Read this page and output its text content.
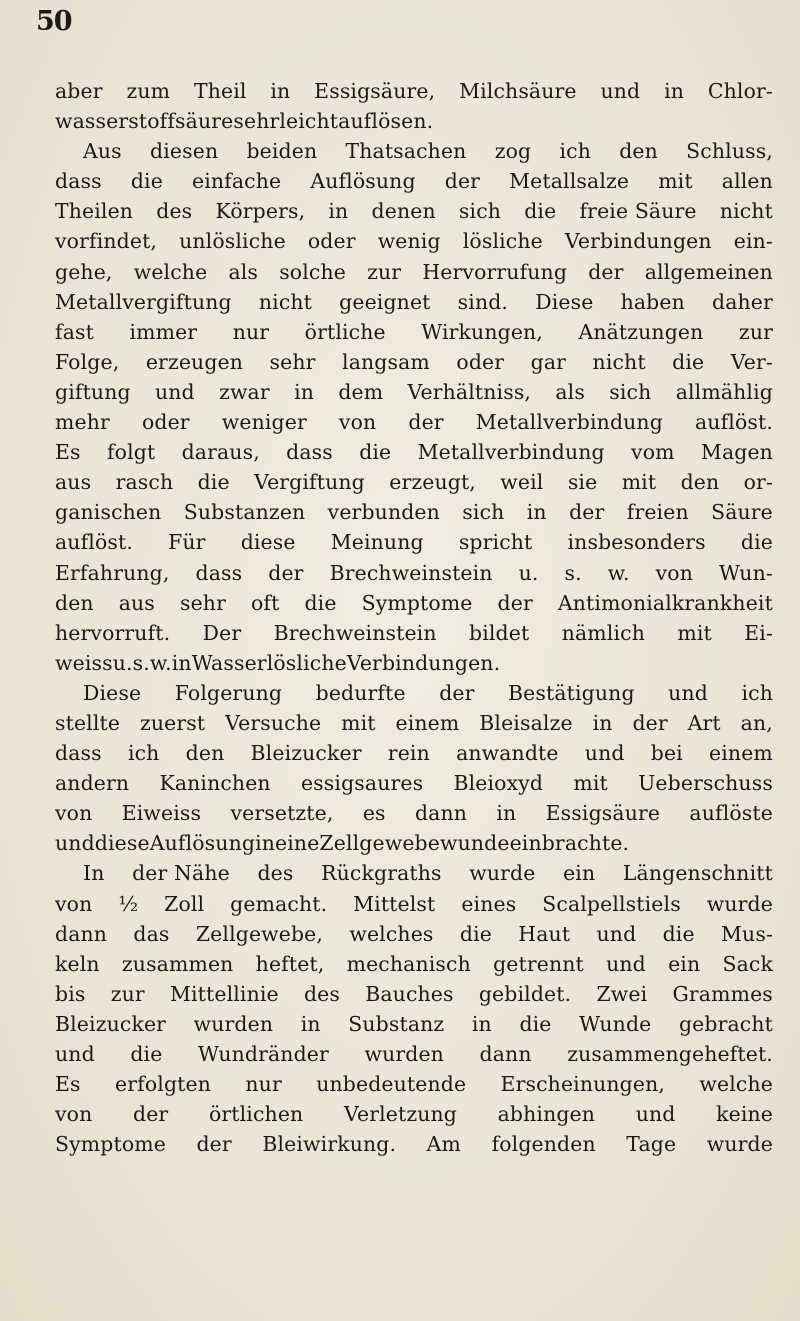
50
aber zum Theil in Essigsäure, Milchsäure und in Chlor-
wasserstoffsäure sehr leicht auflösen.
Aus diesen beiden Thatsachen zog ich den Schluss,
dass die einfache Auflösung der Metallsalze mit allen
Theilen des Körpers, in denen sich die freie Säure nicht
vorfindet, unlösliche oder wenig lösliche Verbindungen ein-
gehe, welche als solche zur Hervorrufung der allgemeinen
Metallvergiftung nicht geeignet sind. Diese haben daher
fast immer nur örtliche Wirkungen, Anätzungen zur
Folge, erzeugen sehr langsam oder gar nicht die Ver-
giftung und zwar in dem Verhältniss, als sich allmählig
mehr oder weniger von der Metallverbindung auflöst.
Es folgt daraus, dass die Metallverbindung vom Magen
aus rasch die Vergiftung erzeugt, weil sie mit den or-
ganischen Substanzen verbunden sich in der freien Säure
auflöst. Für diese Meinung spricht insbesonders die
Erfahrung, dass der Brechweinstein u. s. w. von Wun-
den aus sehr oft die Symptome der Antimonialkrankheit
hervorruft. Der Brechweinstein bildet nämlich mit Ei-
weiss u. s. w. in Wasser lösliche Verbindungen.
Diese Folgerung bedurfte der Bestätigung und ich
stellte zuerst Versuche mit einem Bleisalze in der Art an,
dass ich den Bleizucker rein anwandte und bei einem
andern Kaninchen essigsaures Bleioxyd mit Ueberschuss
von Eiweiss versetzte, es dann in Essigsäure auflöste
und diese Auflösung in eine Zellgewebewunde einbrachte.
In der Nähe des Rückgraths wurde ein Längenschnitt
von ½ Zoll gemacht. Mittelst eines Scalpellstiels wurde
dann das Zellgewebe, welches die Haut und die Mus-
keln zusammen heftet, mechanisch getrennt und ein Sack
bis zur Mittellinie des Bauches gebildet. Zwei Grammes
Bleizucker wurden in Substanz in die Wunde gebracht
und die Wundränder wurden dann zusammengeheftet.
Es erfolgten nur unbedeutende Erscheinungen, welche
von der örtlichen Verletzung abhingen und keine
Symptome der Bleiwirkung. Am folgenden Tage wurde
